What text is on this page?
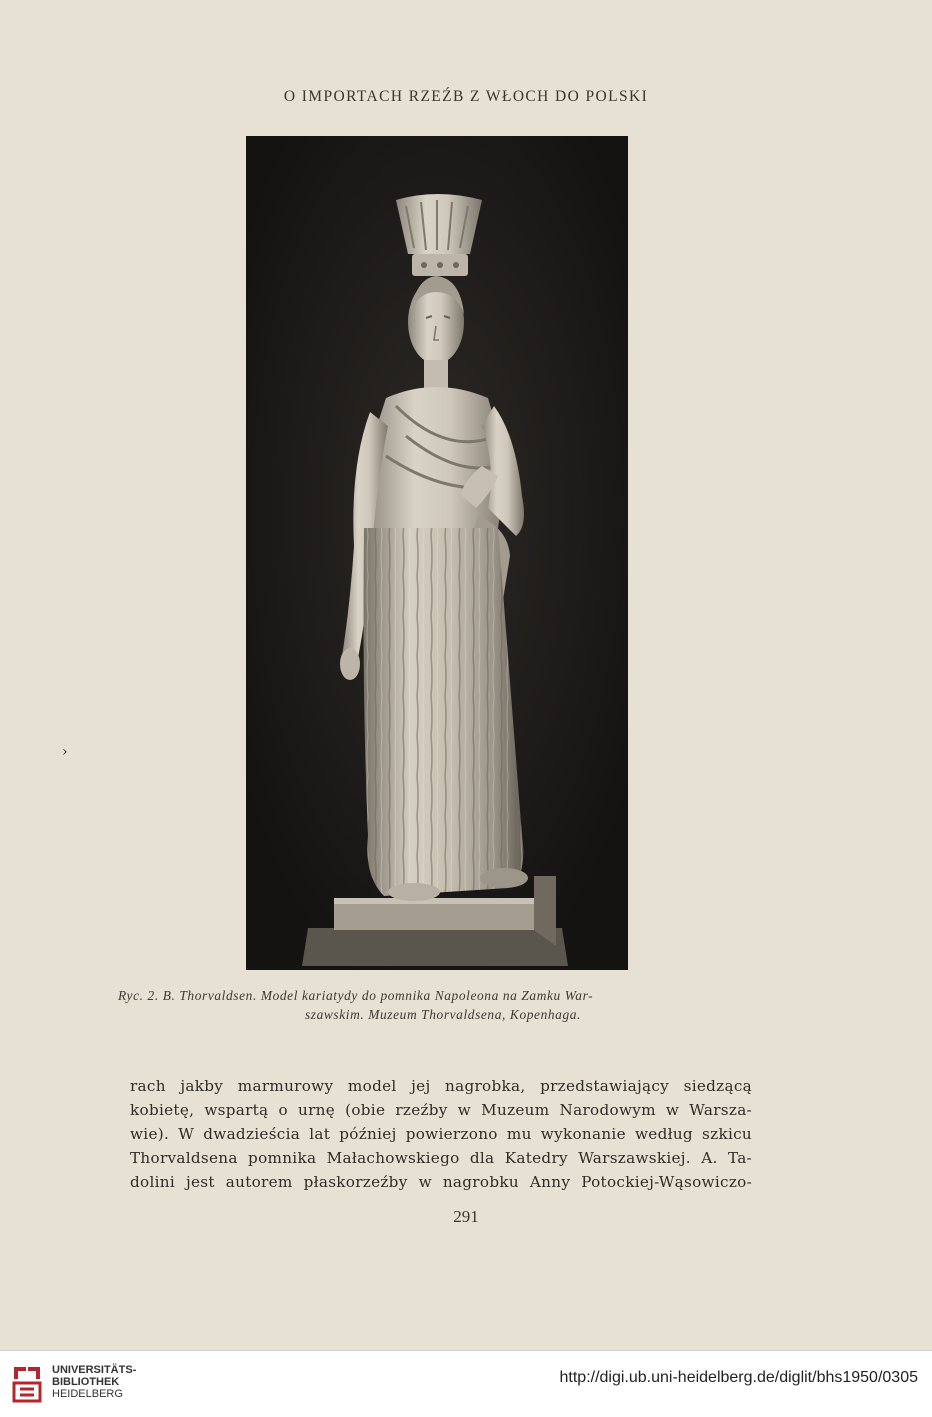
O IMPORTACH RZEŹB Z WŁOCH DO POLSKI
Ryc. 2. B. Thorvaldsen. Model kariatydy do pomnika Napoleona na Zamku War-
szawskim. Muzeum Thorvaldsena, Kopenhaga.
rach jakby marmurowy model jej nagrobka, przedstawiający siedzącą
kobietę, wspartą o urnę (obie rzeźby w Muzeum Narodowym w Warsza-
wie). W dwadzieścia lat później powierzono mu wykonanie według szkicu
Thorvaldsena pomnika Małachowskiego dla Katedry Warszawskiej. A. Ta-
dolini jest autorem płaskorzeźby w nagrobku Anny Potockiej-Wąsowiczo-
291
›
UNIVERSITÄTS-
BIBLIOTHEK
HEIDELBERG
http://digi.ub.uni-heidelberg.de/diglit/bhs1950/0305
